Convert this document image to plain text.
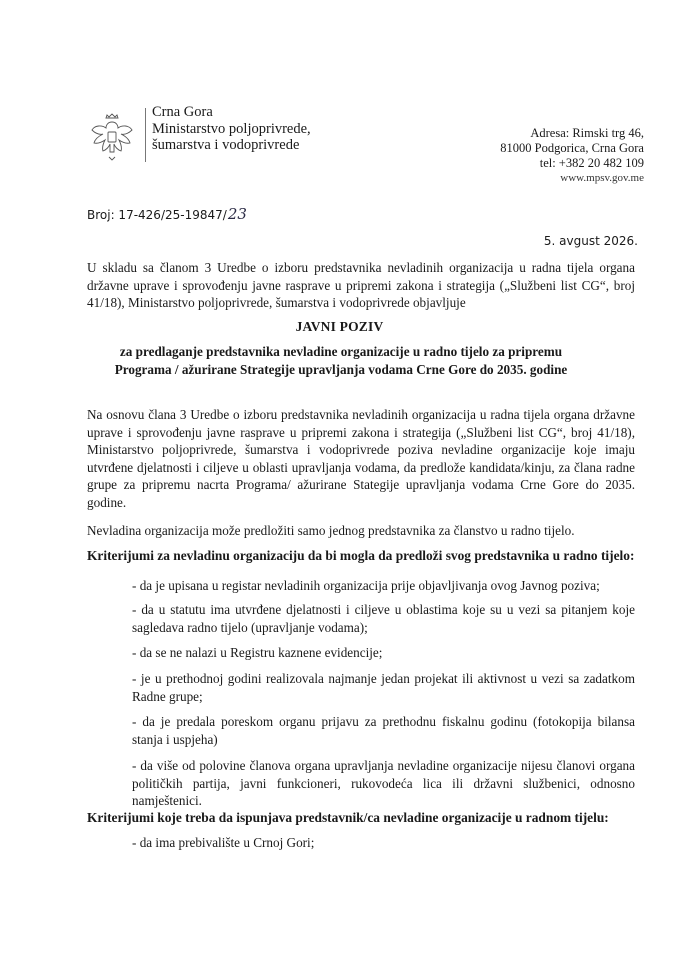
Crna Gora
Ministarstvo poljoprivrede,
šumarstva i vodoprivrede
Adresa: Rimski trg 46,
81000 Podgorica, Crna Gora
tel: +382 20 482 109
www.mpsv.gov.me
Broj: 17-426/25-19847/23
5. avgust 2026.
U skladu sa članom 3 Uredbe o izboru predstavnika nevladinih organizacija u radna tijela organa državne uprave i sprovođenju javne rasprave u pripremi zakona i strategija („Službeni list CG“, broj 41/18), Ministarstvo poljoprivrede, šumarstva i vodoprivrede objavljuje
JAVNI POZIV
za predlaganje predstavnika nevladine organizacije u radno tijelo za pripremu Programa / ažurirane Strategije upravljanja vodama Crne Gore do 2035. godine
Na osnovu člana 3 Uredbe o izboru predstavnika nevladinih organizacija u radna tijela organa državne uprave i sprovođenju javne rasprave u pripremi zakona i strategija („Službeni list CG“, broj 41/18), Ministarstvo poljoprivrede, šumarstva i vodoprivrede poziva nevladine organizacije koje imaju utvrđene djelatnosti i ciljeve u oblasti upravljanja vodama, da predlože kandidata/kinju, za člana radne grupe za pripremu nacrta Programa/ ažurirane Stategije upravljanja vodama Crne Gore do 2035. godine.
Nevladina organizacija može predložiti samo jednog predstavnika za članstvo u radno tijelo.
Kriterijumi za nevladinu organizaciju da bi mogla da predloži svog predstavnika u radno tijelo:
- da je upisana u registar nevladinih organizacija prije objavljivanja ovog Javnog poziva;
- da u statutu ima utvrđene djelatnosti i ciljeve u oblastima koje su u vezi sa pitanjem koje sagledava radno tijelo (upravljanje vodama);
- da se ne nalazi u Registru kaznene evidencije;
- je u prethodnoj godini realizovala najmanje jedan projekat ili aktivnost u vezi sa zadatkom Radne grupe;
- da je predala poreskom organu prijavu za prethodnu fiskalnu godinu (fotokopija bilansa stanja i uspjeha)
- da više od polovine članova organa upravljanja nevladine organizacije nijesu članovi organa političkih partija, javni funkcioneri, rukovodeća lica ili državni službenici, odnosno namještenici.
Kriterijumi koje treba da ispunjava predstavnik/ca nevladine organizacije u radnom tijelu:
- da ima prebivalište u Crnoj Gori;
